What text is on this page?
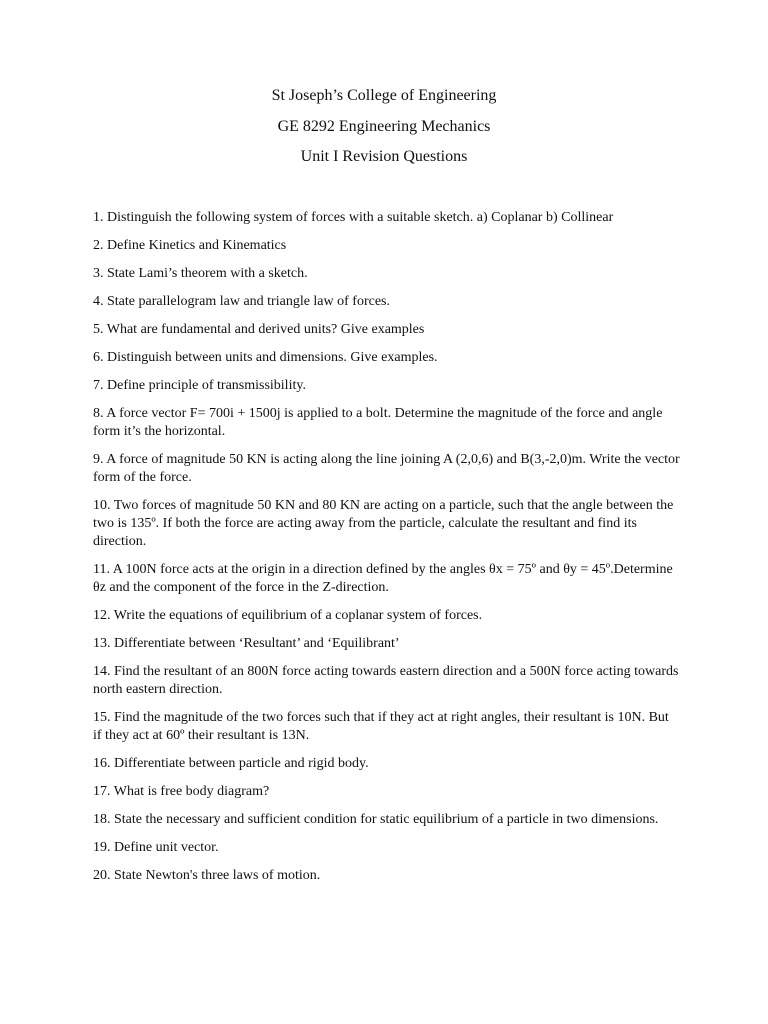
St Joseph’s College of Engineering
GE 8292 Engineering Mechanics
Unit I Revision Questions
1. Distinguish the following system of forces with a suitable sketch. a) Coplanar b) Collinear
2. Define Kinetics and Kinematics
3. State Lami’s theorem with a sketch.
4. State parallelogram law and triangle law of forces.
5. What are fundamental and derived units? Give examples
6. Distinguish between units and dimensions. Give examples.
7. Define principle of transmissibility.
8. A force vector F= 700i + 1500j is applied to a bolt. Determine the magnitude of the force and angle form it’s the horizontal.
9. A force of magnitude 50 KN is acting along the line joining A (2,0,6) and B(3,-2,0)m. Write the vector form of the force.
10. Two forces of magnitude 50 KN and 80 KN are acting on a particle, such that the angle between the two is 135º. If both the force are acting away from the particle, calculate the resultant and find its direction.
11. A 100N force acts at the origin in a direction defined by the angles θx = 75º and θy = 45º.Determine θz and the component of the force in the Z-direction.
12. Write the equations of equilibrium of a coplanar system of forces.
13. Differentiate between ‘Resultant’ and ‘Equilibrant’
14. Find the resultant of an 800N force acting towards eastern direction and a 500N force acting towards north eastern direction.
15. Find the magnitude of the two forces such that if they act at right angles, their resultant is 10N. But if they act at 60º their resultant is 13N.
16. Differentiate between particle and rigid body.
17. What is free body diagram?
18. State the necessary and sufficient condition for static equilibrium of a particle in two dimensions.
19. Define unit vector.
20. State Newton's three laws of motion.
